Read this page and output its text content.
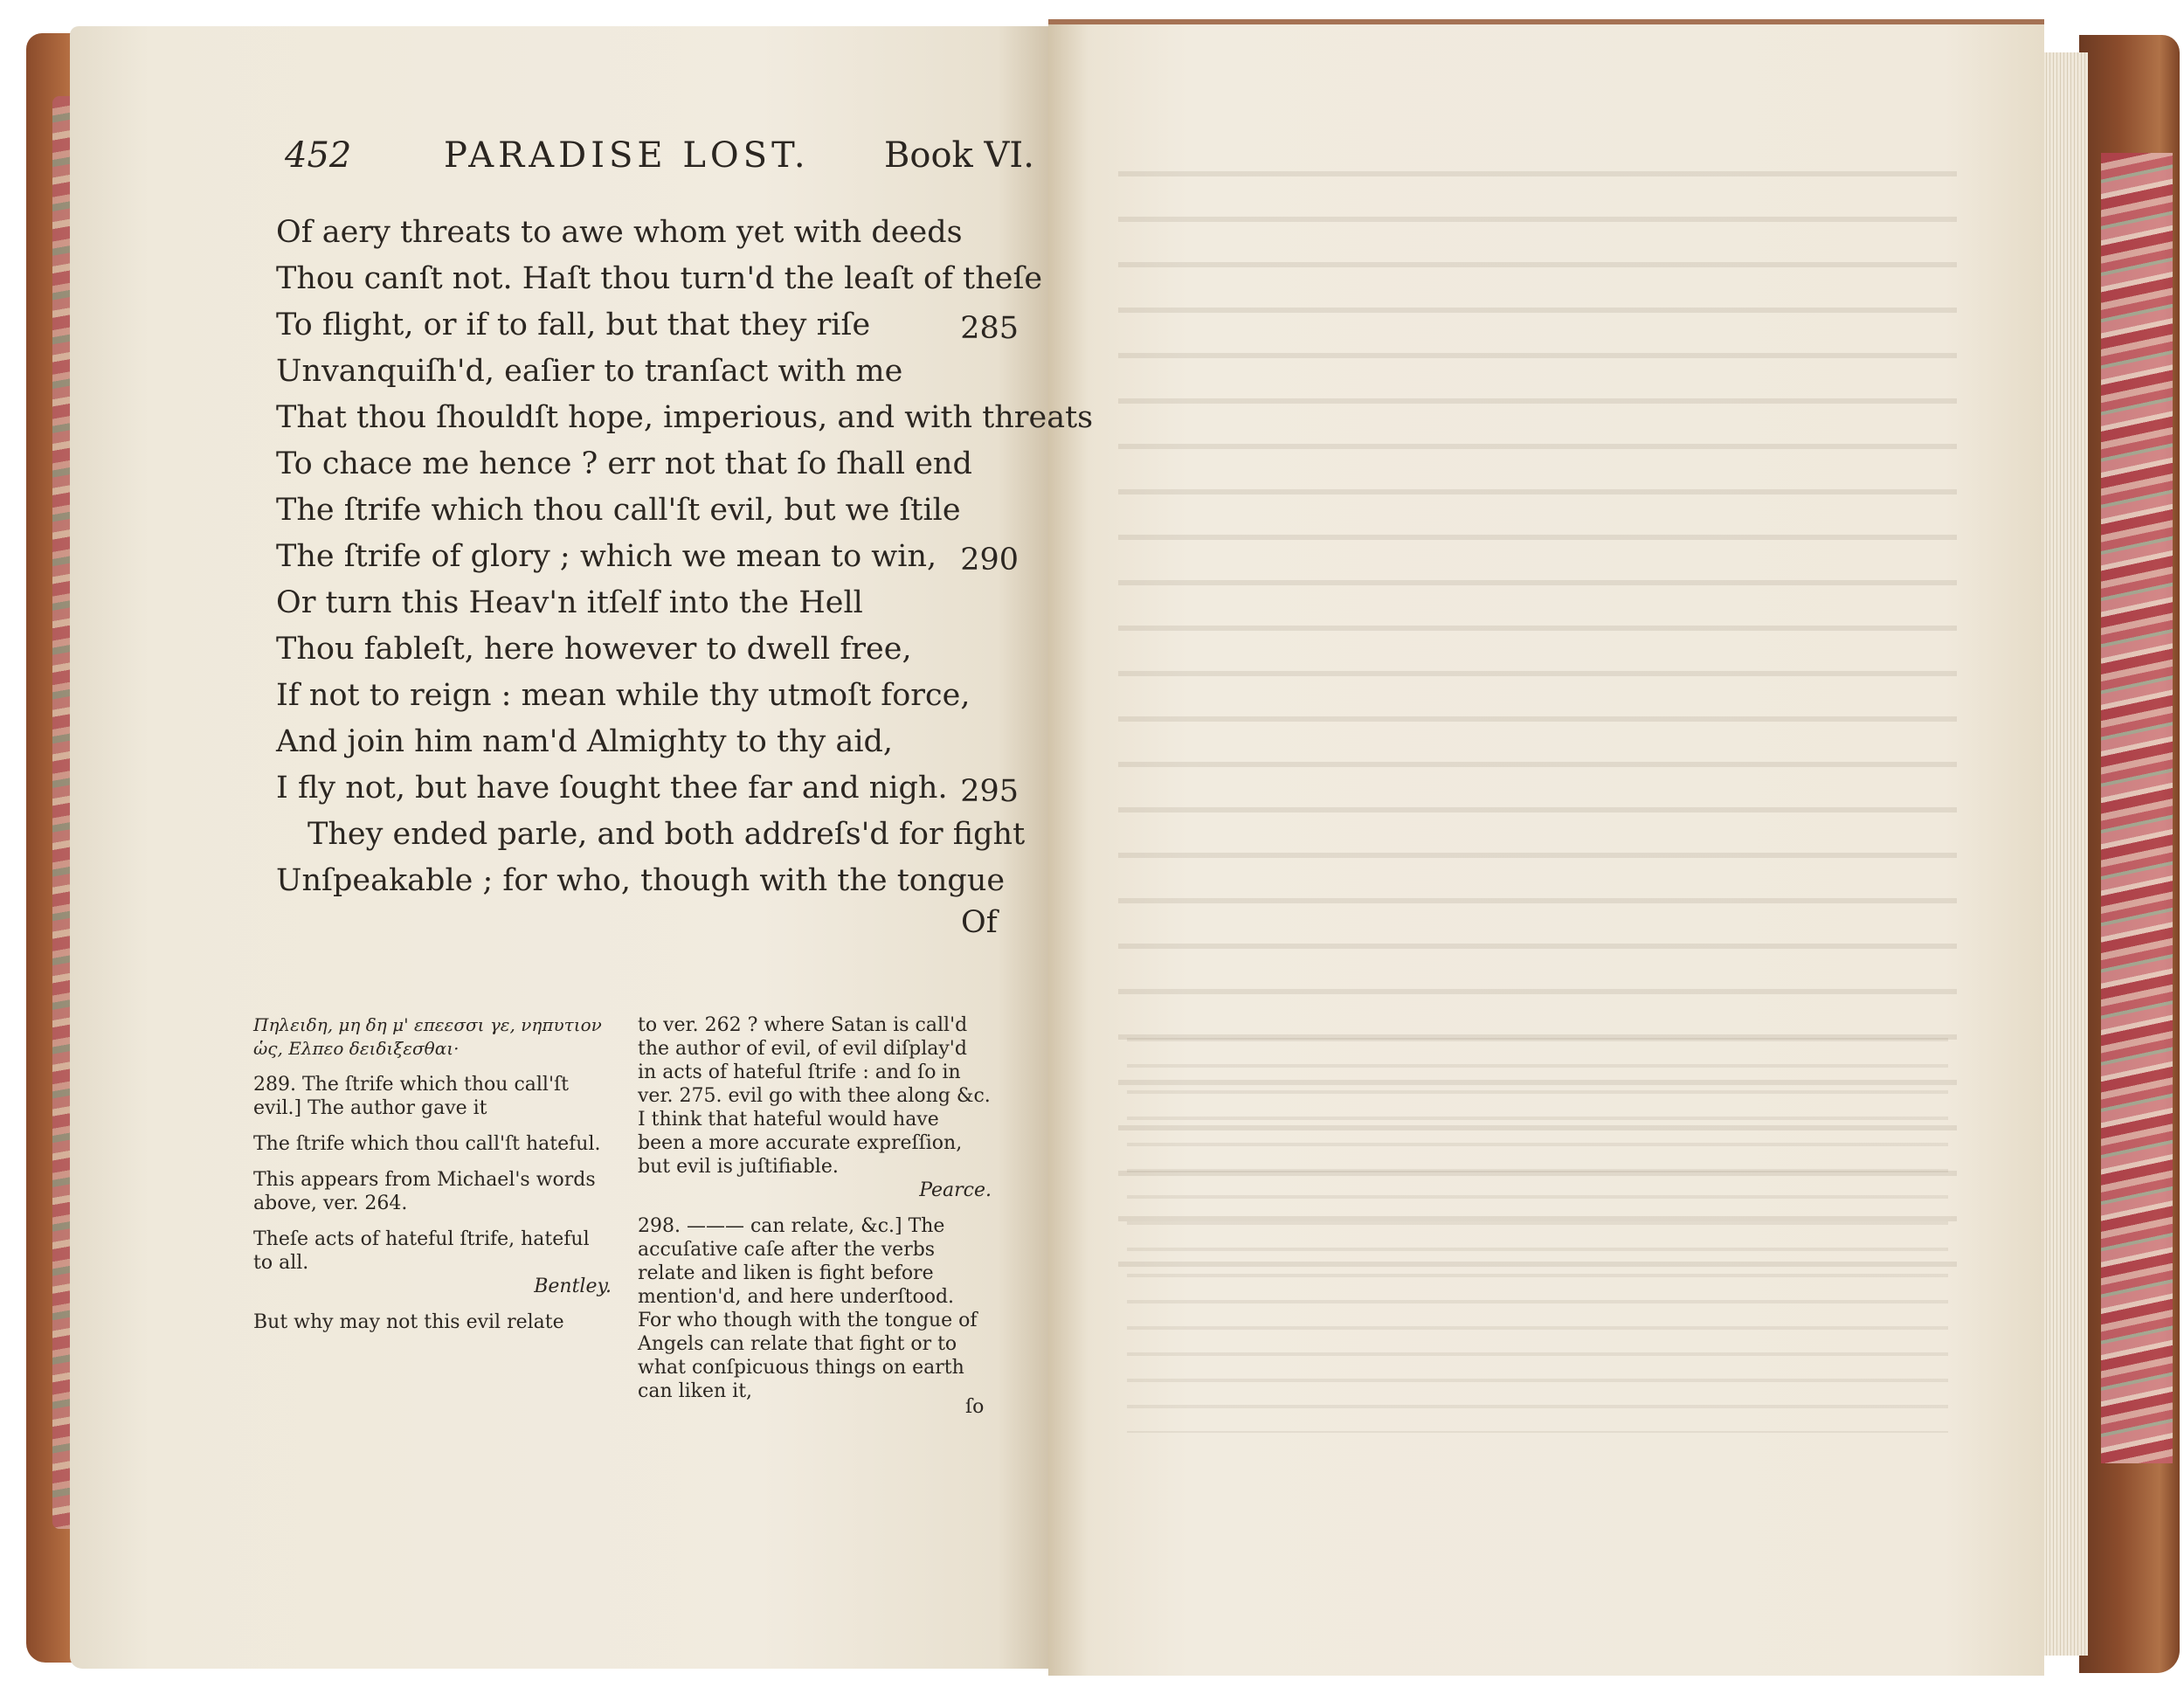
452	PARADISE LOST. Book VI.
Of aery threats to awe whom yet with deeds
Thou canſt not. Haſt thou turn'd the leaſt of theſe
To flight, or if to fall, but that they riſe	285
Unvanquiſh'd, eaſier to tranſact with me
That thou ſhouldſt hope, imperious, and with threats
To chace me hence ? err not that ſo ſhall end
The ſtrife which thou call'ſt evil, but we ſtile
The ſtrife of glory ; which we mean to win, 290
Or turn this Heav'n itſelf into the Hell
Thou fableſt, here however to dwell free,
If not to reign : mean while thy utmoſt force,
And join him nam'd Almighty to thy aid,
I fly not, but have ſought thee far and nigh. 295
They ended parle, and both addreſs'd for fight
Unſpeakable ; for who, though with the tongue
Of
Πηλειδη, μη δη μ' επεεσσι γε, νηπυτιον ὡς, Ελπεο δειδιξεσθαι·
289. The ſtrife which thou call'ſt evil.] The author gave it
The ſtrife which thou call'ſt hateful.
This appears from Michael's words above, ver. 264.
Theſe acts of hateful ſtrife, hateful to all.
Bentley.
But why may not this evil relate
to ver. 262 ? where Satan is call'd the author of evil, of evil diſplay'd in acts of hateful ſtrife : and ſo in ver. 275. evil go with thee along &c. I think that hateful would have been a more accurate expreſſion, but evil is juſtifiable.
Pearce.
298. ——— can relate, &c.] The accuſative caſe after the verbs relate and liken is fight before mention'd, and here underſtood. For who though with the tongue of Angels can relate that fight or to what conſpicuous things on earth can liken it,
ſo
